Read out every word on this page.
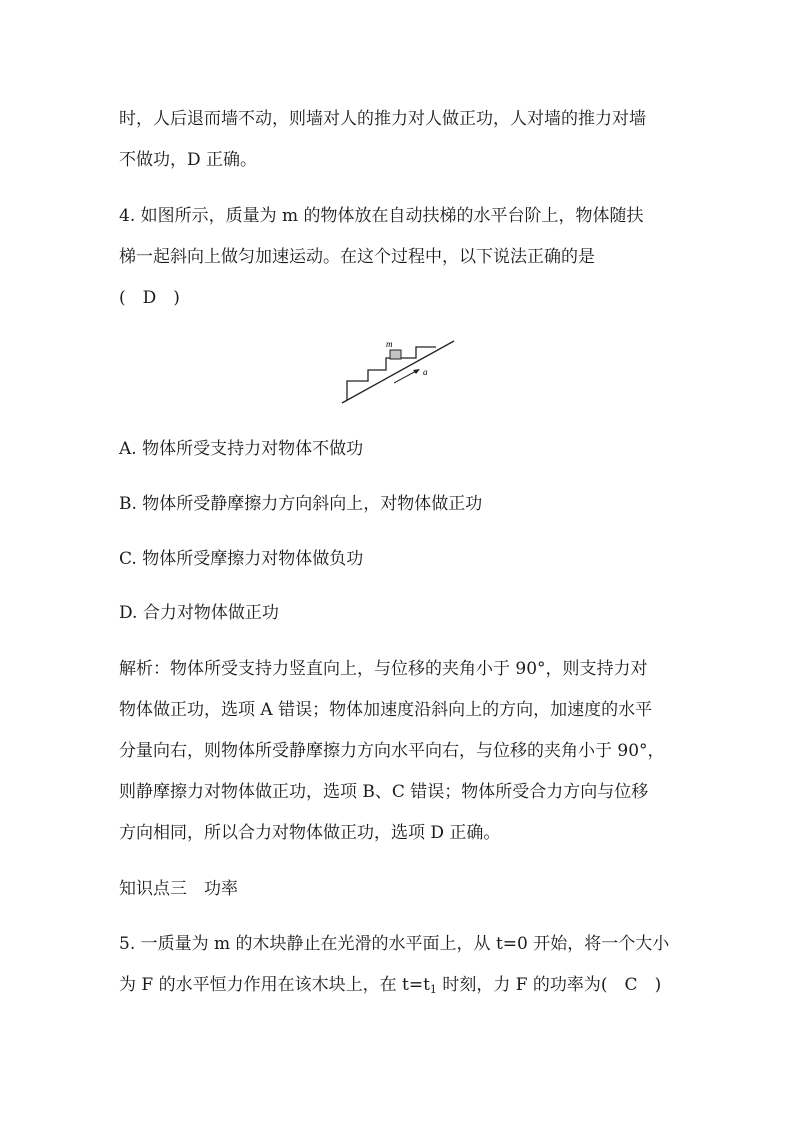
时，人后退而墙不动，则墙对人的推力对人做正功，人对墙的推力对墙
不做功，D 正确。
4. 如图所示，质量为 m 的物体放在自动扶梯的水平台阶上，物体随扶
梯一起斜向上做匀加速运动。在这个过程中，以下说法正确的是
(　D　)
m
a
A. 物体所受支持力对物体不做功
B. 物体所受静摩擦力方向斜向上，对物体做正功
C. 物体所受摩擦力对物体做负功
D. 合力对物体做正功
解析：物体所受支持力竖直向上，与位移的夹角小于 90°，则支持力对
物体做正功，选项 A 错误；物体加速度沿斜向上的方向，加速度的水平
分量向右，则物体所受静摩擦力方向水平向右，与位移的夹角小于 90°，
则静摩擦力对物体做正功，选项 B、C 错误；物体所受合力方向与位移
方向相同，所以合力对物体做正功，选项 D 正确。
知识点三　功率
5. 一质量为 m 的木块静止在光滑的水平面上，从 t=0 开始，将一个大小
为 F 的水平恒力作用在该木块上，在 $t=t_1$ 时刻，力 F 的功率为(　C　)
